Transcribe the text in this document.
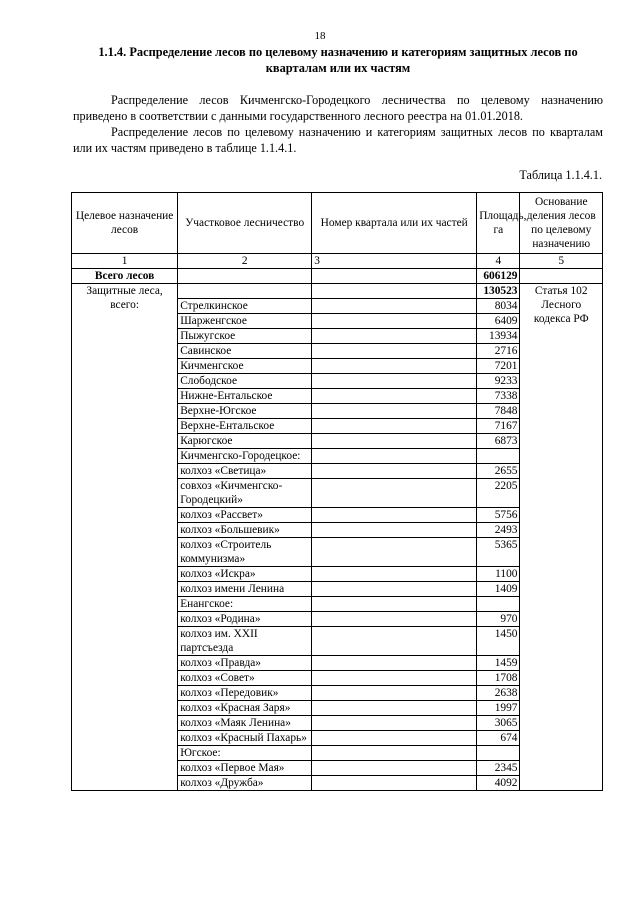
18
1.1.4. Распределение лесов по целевому назначению и категориям защитных лесов по кварталам или их частям
Распределение лесов Кичменгско-Городецкого лесничества по целевому назначению приведено в соответствии с данными государственного лесного реестра на 01.01.2018.
Распределение лесов по целевому назначению и категориям защитных лесов по кварталам или их частям приведено в таблице 1.1.4.1.
Таблица 1.1.4.1.
Целевое назначение лесов	Участковое лесничество	Номер квартала или их частей	Площадь, га	Основание деления лесов по целевому назначению
1	2	3	4	5
Всего лесов			606129	
Защитные леса, всего:			130523	Статья 102 Лесного кодекса РФ
	Стрелкинское		8034	
	Шарженгское		6409	
	Пыжугское		13934	
	Савинское		2716	
	Кичменгское		7201	
	Слободское		9233	
	Нижне-Ентальское		7338	
	Верхне-Югское		7848	
	Верхне-Ентальское		7167	
	Карюгское		6873	
	Кичменгско-Городецкое:			
	колхоз «Светица»		2655	
	совхоз «Кичменгско-Городецкий»		2205	
	колхоз «Рассвет»		5756	
	колхоз «Большевик»		2493	
	колхоз «Строитель коммунизма»		5365	
	колхоз «Искра»		1100	
	колхоз имени Ленина		1409	
	Енангское:			
	колхоз «Родина»		970	
	колхоз им. XXII партсъезда		1450	
	колхоз «Правда»		1459	
	колхоз «Совет»		1708	
	колхоз «Передовик»		2638	
	колхоз «Красная Заря»		1997	
	колхоз «Маяк Ленина»		3065	
	колхоз «Красный Пахарь»		674	
	Югское:			
	колхоз «Первое Мая»		2345	
	колхоз «Дружба»		4092	
